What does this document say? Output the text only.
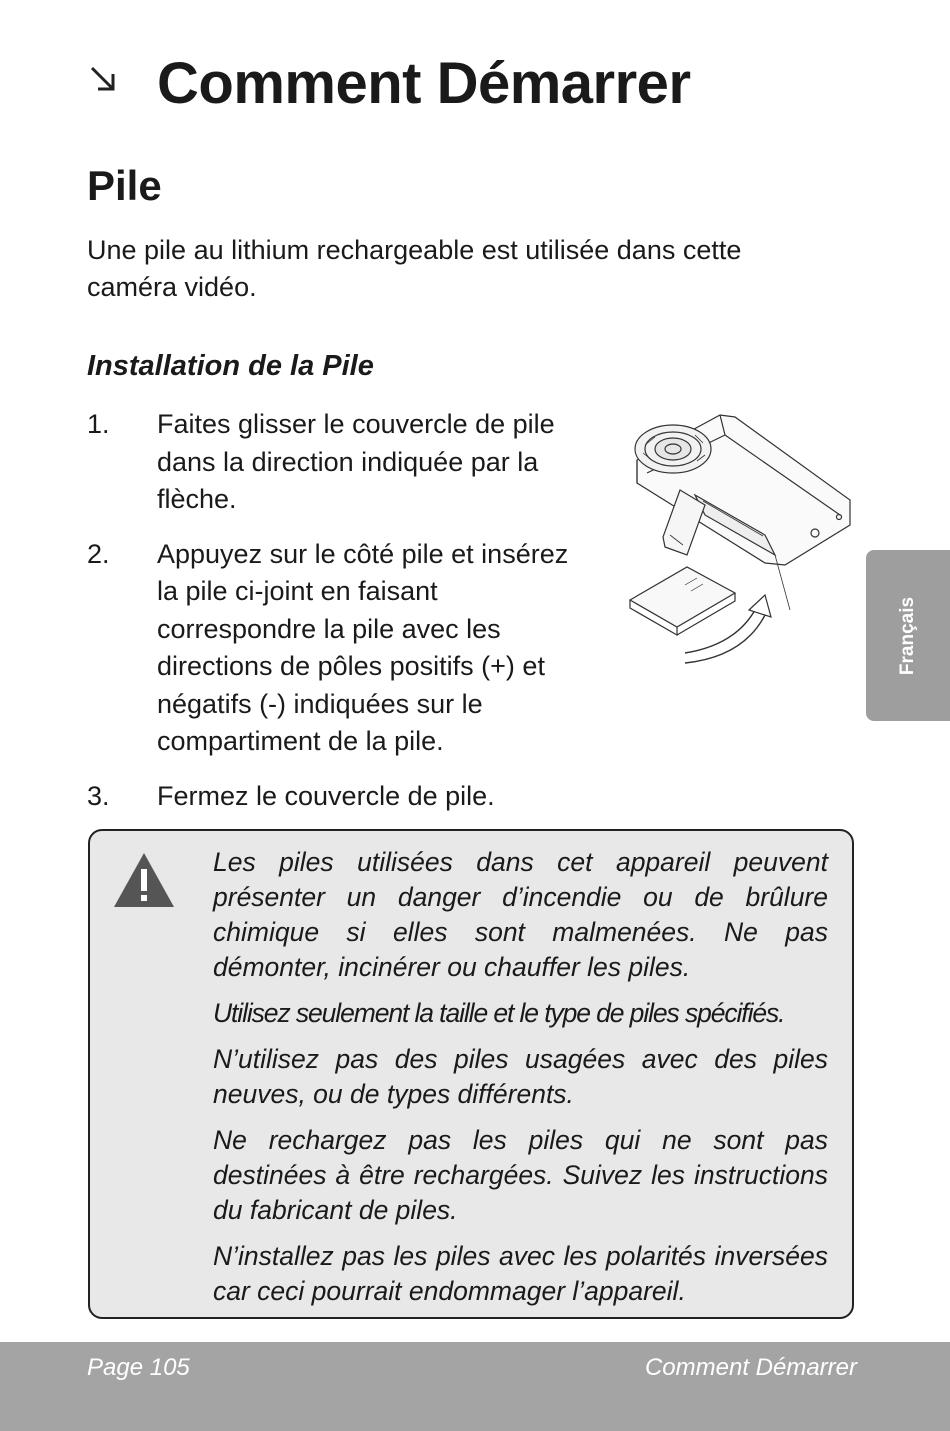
Comment Démarrer
Pile

Une pile au lithium rechargeable est utilisée dans cette caméra vidéo.

Installation de la Pile
1. Faites glisser le couvercle de pile dans la direction indiquée par la flèche.
2. Appuyez sur le côté pile et insérez la pile ci-joint en faisant correspondre la pile avec les directions de pôles positifs (+) et négatifs (-) indiquées sur le compartiment de la pile.
3. Fermez le couvercle de pile.
Français

Les piles utilisées dans cet appareil peuvent présenter un danger d’incendie ou de brûlure chimique si elles sont malmenées. Ne pas démonter, incinérer ou chauffer les piles.

Utilisez seulement la taille et le type de piles spécifiés.

N’utilisez pas des piles usagées avec des piles neuves, ou de types différents.

Ne rechargez pas les piles qui ne sont pas destinées à être rechargées. Suivez les instructions du fabricant de piles.

N’installez pas les piles avec les polarités inversées car ceci pourrait endommager l’appareil.

Page 105	Comment Démarrer
